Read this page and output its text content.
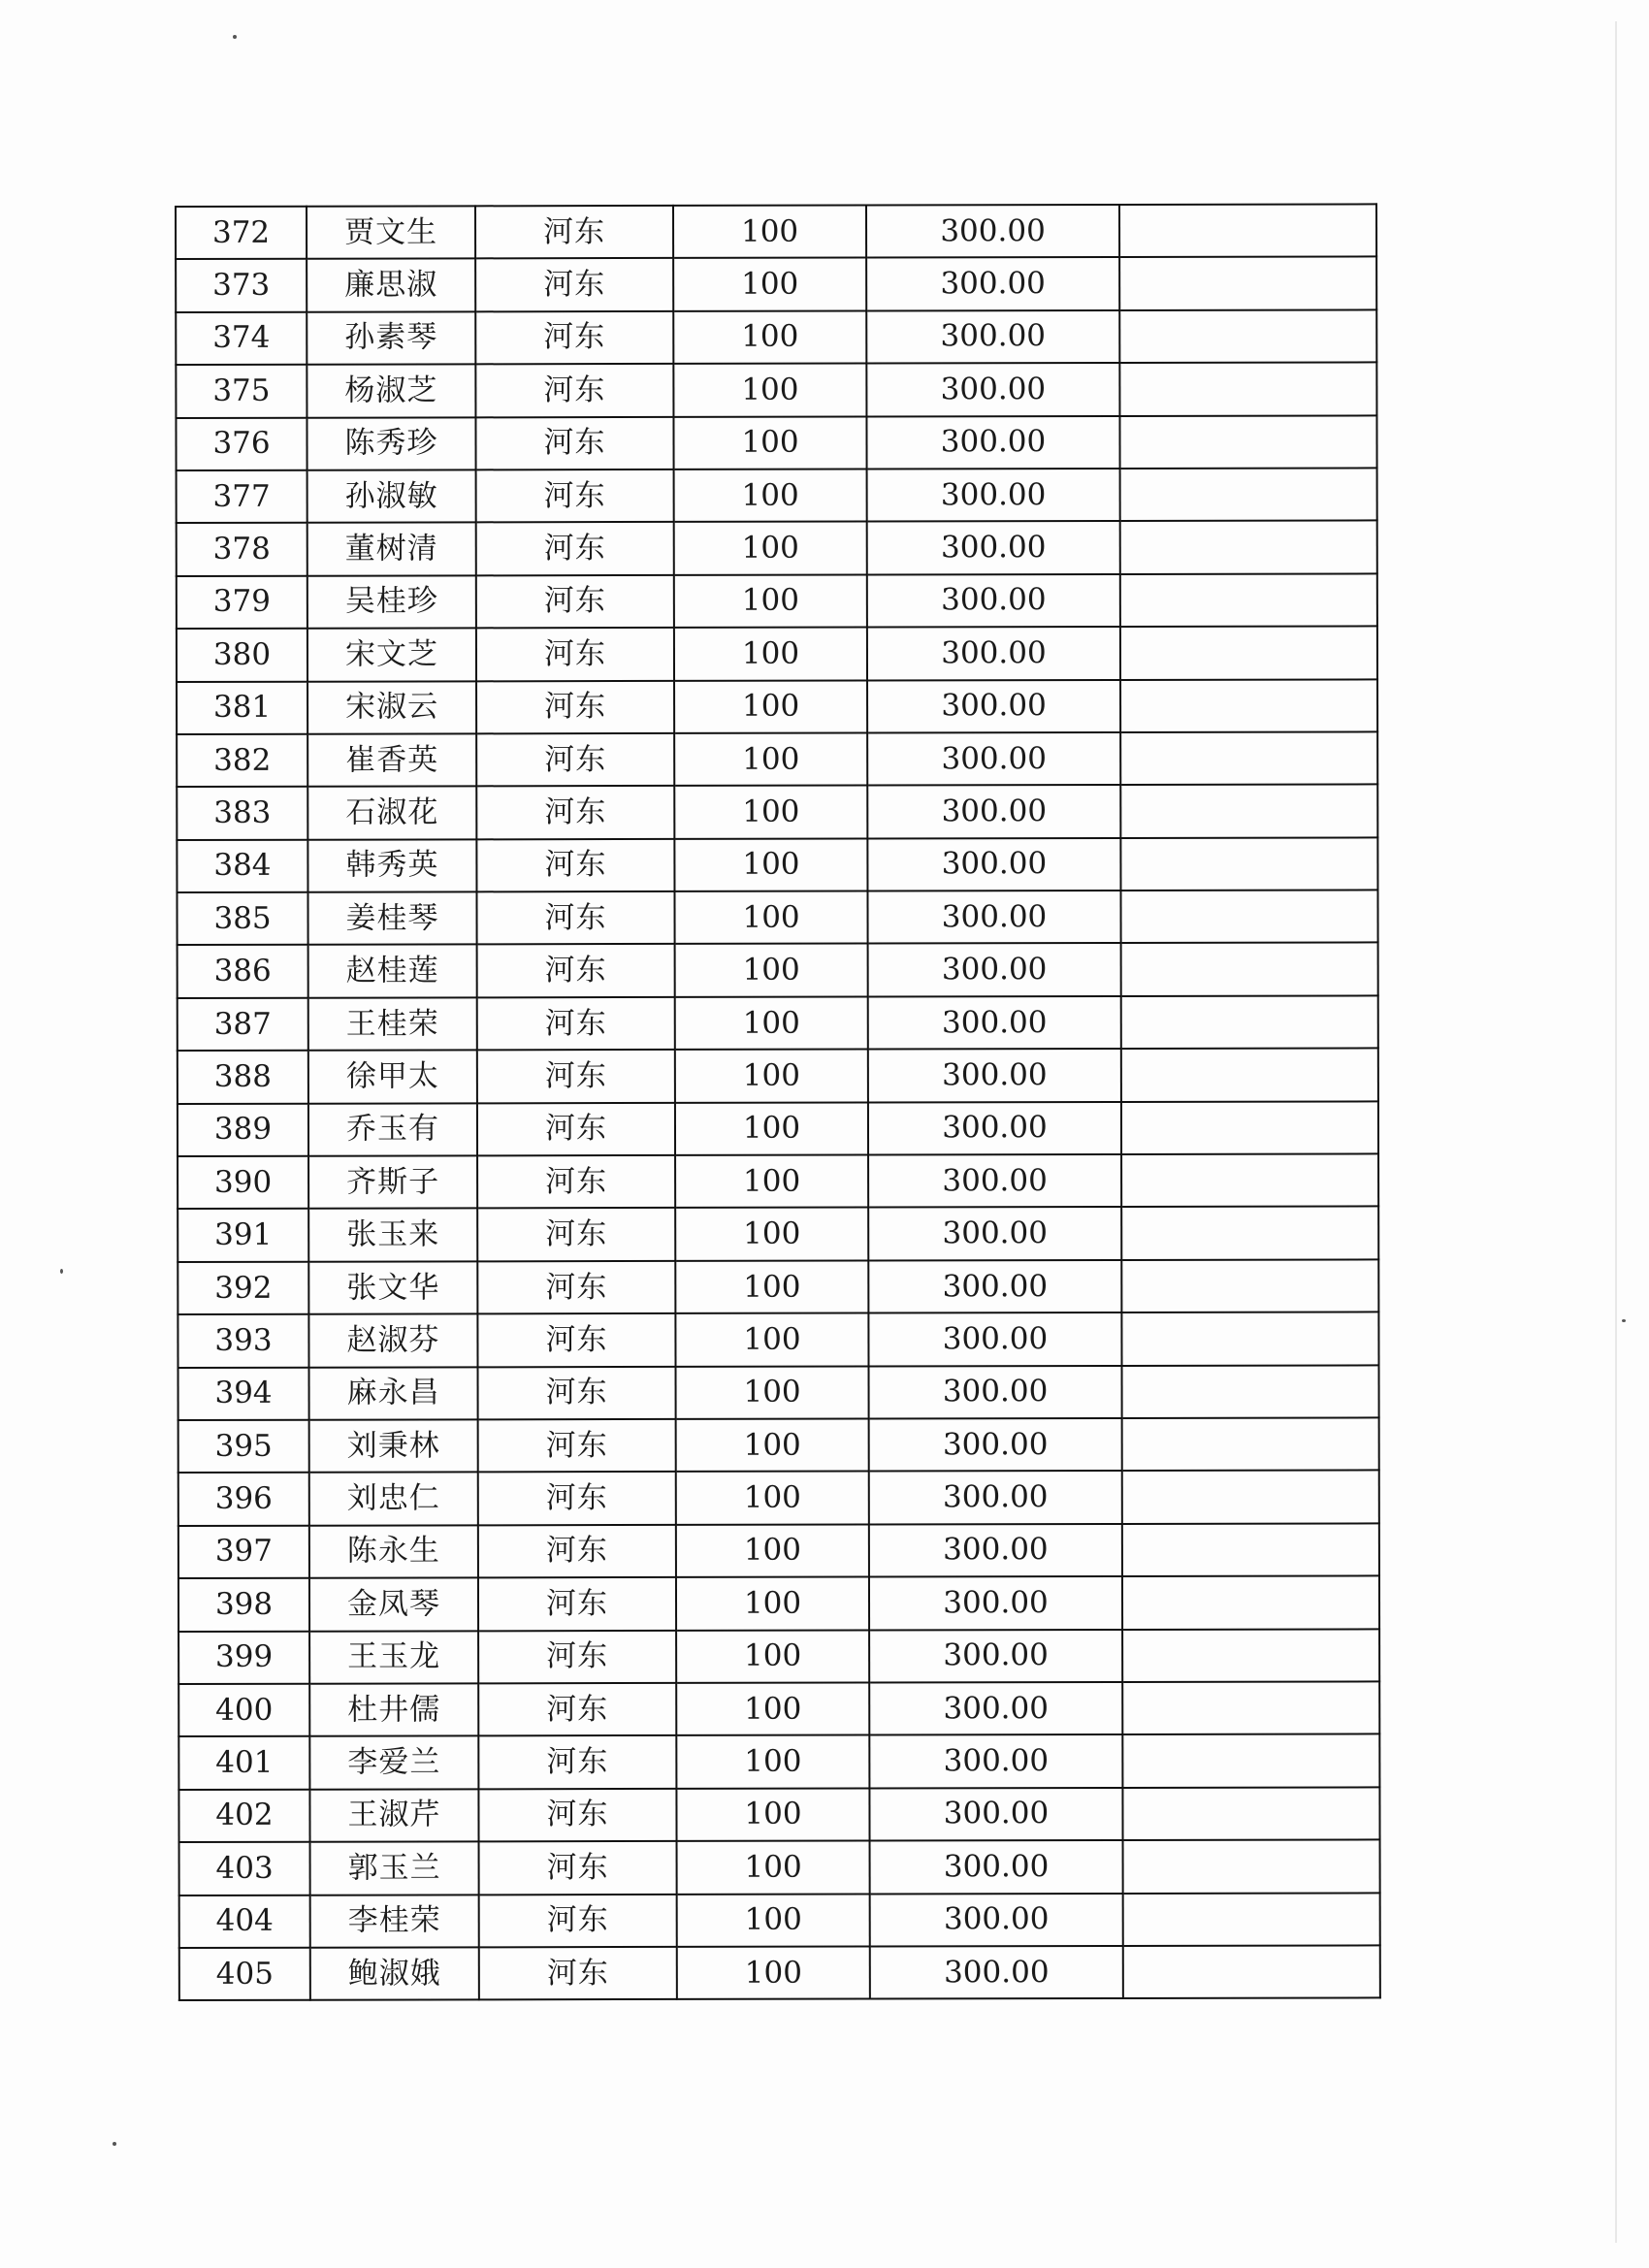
372	贾文生	河东	100	300.00	
373	廉思淑	河东	100	300.00	
374	孙素琴	河东	100	300.00	
375	杨淑芝	河东	100	300.00	
376	陈秀珍	河东	100	300.00	
377	孙淑敏	河东	100	300.00	
378	董树清	河东	100	300.00	
379	吴桂珍	河东	100	300.00	
380	宋文芝	河东	100	300.00	
381	宋淑云	河东	100	300.00	
382	崔香英	河东	100	300.00	
383	石淑花	河东	100	300.00	
384	韩秀英	河东	100	300.00	
385	姜桂琴	河东	100	300.00	
386	赵桂莲	河东	100	300.00	
387	王桂荣	河东	100	300.00	
388	徐甲太	河东	100	300.00	
389	乔玉有	河东	100	300.00	
390	齐斯子	河东	100	300.00	
391	张玉来	河东	100	300.00	
392	张文华	河东	100	300.00	
393	赵淑芬	河东	100	300.00	
394	麻永昌	河东	100	300.00	
395	刘秉林	河东	100	300.00	
396	刘忠仁	河东	100	300.00	
397	陈永生	河东	100	300.00	
398	金凤琴	河东	100	300.00	
399	王玉龙	河东	100	300.00	
400	杜井儒	河东	100	300.00	
401	李爱兰	河东	100	300.00	
402	王淑芹	河东	100	300.00	
403	郭玉兰	河东	100	300.00	
404	李桂荣	河东	100	300.00	
405	鲍淑娥	河东	100	300.00	
